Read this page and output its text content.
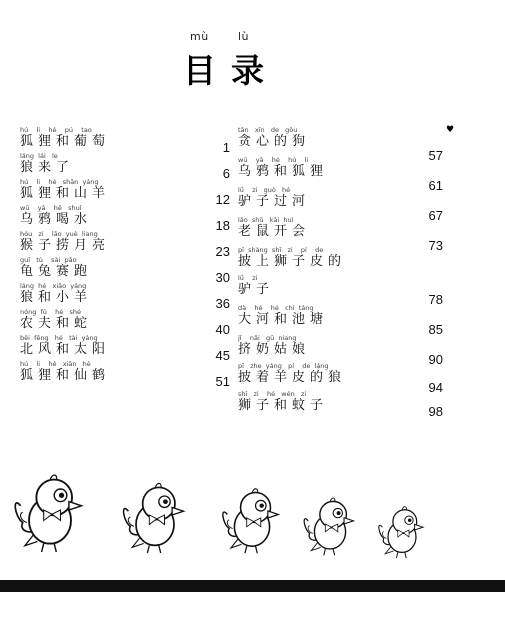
mù	lù
目 录
hú    li    hé    pú    tao
狐狸和葡萄	1
láng  lái   le
狼来了	6
hú    li    hé   shān  yáng
狐狸和山羊	12
wū    yā    hē   shuǐ
乌鸦喝水	18
hóu   zi    lāo  yuè  liang
猴子捞月亮	23
guī   tù    sài  pǎo
龟兔赛跑	30
láng  hé   xiǎo  yáng
狼和小羊	36
nóng  fū    hé   shé
农夫和蛇	40
běi  fēng   hé   tài  yáng
北风和太阳	45
hú    li    hé   xiān   hè
狐狸和仙鹤	51
tān   xīn   de   gǒu
贪心的狗
57
wū    yā    hé    hú    li
乌鸦和狐狸
61
lǘ    zi   guò   hé
驴子过河
67
lǎo  shǔ   kāi  huì
老鼠开会
73
pī  shàng  shī   zi    pí    de
披上狮子皮的
lǘ    zi
驴子
78
dà    hé    hé   chí  táng
大河和池塘
85
jǐ    nǎi   gū  niang
挤奶姑娘
90
pī   zhe  yáng   pí    de  láng
披着羊皮的狼
94
shī   zi    hé   wén   zi
狮子和蚊子	98
♥
